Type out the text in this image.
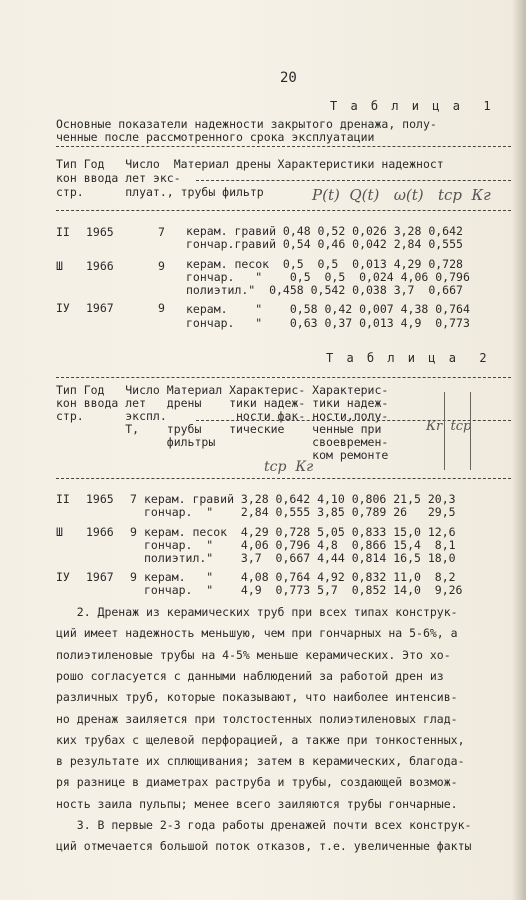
20
Т а б л и ц а  1
Основные показатели надежности закрытого дренажа, полу-
ченные после рассмотренного срока эксплуатации
Тип Год   Число  Материал дрены Характеристики надежност
кон ввода лет экс-
стр.      плуат., трубы фильтр	Р(t)  Q(t)   ω(t)   tср  Кг
II 1965	7 керам. гравий 0,48 0,52 0,026 3,28 0,642
гончар.гравий 0,54 0,46 0,042 2,84 0,555
Ш 1966	9 керам. песок  0,5  0,5  0,013 4,29 0,728
гончар.   "    0,5  0,5  0,024 4,06 0,796
полиэтил."  0,458 0,542 0,038 3,7  0,667
IУ 1967	9 керам.    "    0,58 0,42 0,007 4,38 0,764
гончар.   "    0,63 0,37 0,013 4,9  0,773
Т а б л и ц а  2
Тип Год   Число Материал Характерис- Характерис-
кон ввода лет   дрены    тики надеж- тики надеж-
стр.      экспл.          ности фак- ности,полу-
Т,    трубы    тические    ченные при
фильтры              своевремен-
ком ремонте
tср  Кг
Кr  tср
II 1965 7 керам. гравий 3,28 0,642 4,10 0,806 21,5 20,3
гончар.  "    2,84 0,555 3,85 0,789 26   29,5
Ш 1966 9 керам. песок  4,29 0,728 5,05 0,833 15,0 12,6
гончар.  "    4,06 0,796 4,8  0,866 15,4  8,1
полиэтил."    3,7  0,667 4,44 0,814 16,5 18,0
IУ 1967 9 керам.   "    4,08 0,764 4,92 0,832 11,0  8,2
гончар.  "    4,9  0,773 5,7  0,852 14,0  9,26
2. Дренаж из керамических труб при всех типах конструк-
ций имеет надежность меньшую, чем при гончарных на 5-6%, а
полиэтиленовые трубы на 4-5% меньше керамических. Это хо-
рошо согласуется с данными наблюдений за работой дрен из
различных труб, которые показывают, что наиболее интенсив-
но дренаж заиляется при толстостенных полиэтиленовых глад-
ких трубах с щелевой перфорацией, а также при тонкостенных,
в результате их сплющивания; затем в керамических, благода-
ря разнице в диаметрах раструба и трубы, создающей возмож-
ность заила пульпы; менее всего заиляются трубы гончарные.
3. В первые 2-3 года работы дренажей почти всех конструк-
ций отмечается большой поток отказов, т.е. увеличенные факты
